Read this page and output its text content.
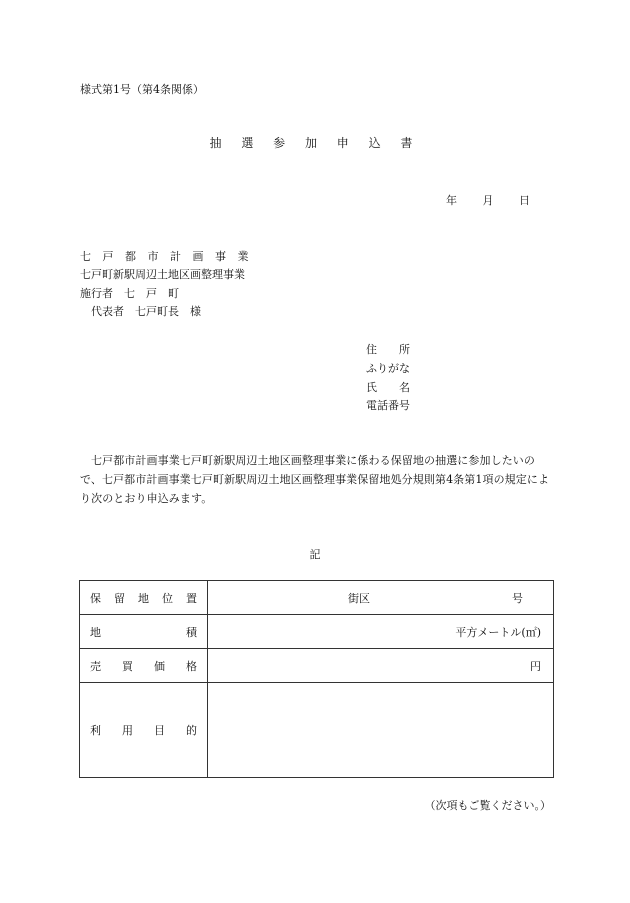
様式第1号（第4条関係）
抽 選 参 加 申 込 書
年 月 日
七 戸 都 市 計 画 事 業
七戸町新駅周辺土地区画整理事業
施行者　七　戸　町
代表者　七戸町長　様
住　　所
ふりがな
氏　　名
電話番号
七戸都市計画事業七戸町新駅周辺土地区画整理事業に係わる保留地の抽選に参加したいので、七戸都市計画事業七戸町新駅周辺土地区画整理事業保留地処分規則第4条第1項の規定により次のとおり申込みます。
記
保留地位置	街区 号

地積	平方メートル(㎡)
売買価格	円
利用目的	
（次項もご覧ください。）
